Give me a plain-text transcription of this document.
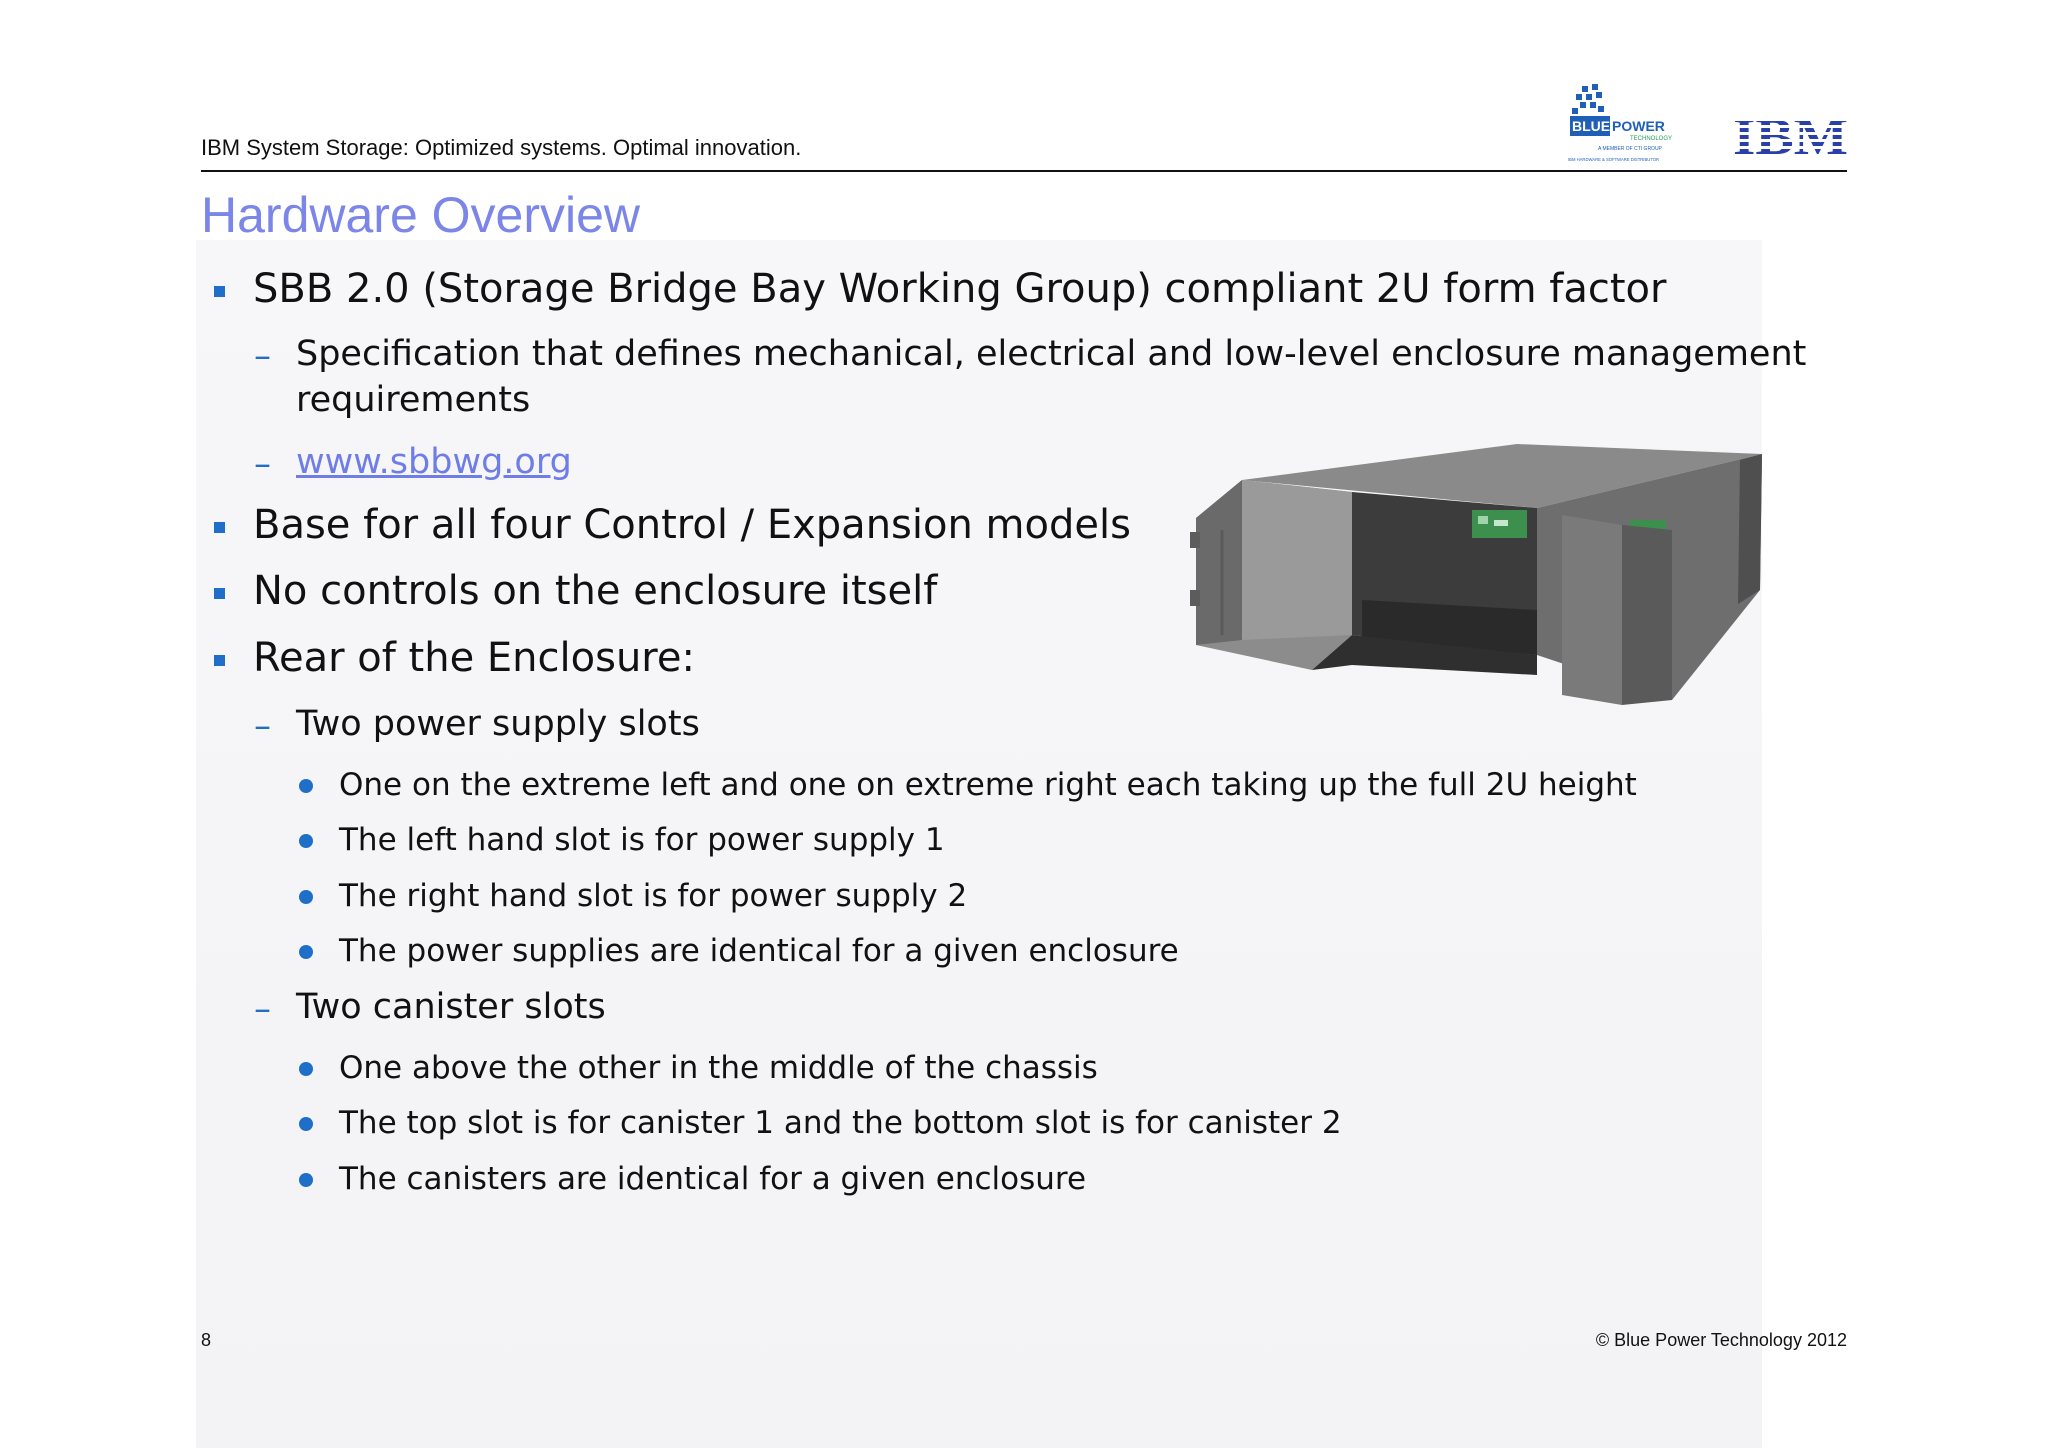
IBM System Storage: Optimized systems. Optimal innovation.
BLUE POWER
TECHNOLOGY
A MEMBER OF CTI GROUP
IBM HARDWARE & SOFTWARE DISTRIBUTOR
Hardware Overview
SBB 2.0 (Storage Bridge Bay Working Group) compliant 2U form factor
– Specification that defines mechanical, electrical and low-level enclosure management
requirements
– www.sbbwg.org
Base for all four Control / Expansion models
No controls on the enclosure itself
Rear of the Enclosure:
– Two power supply slots
One on the extreme left and one on extreme right each taking up the full 2U height
The left hand slot is for power supply 1
The right hand slot is for power supply 2
The power supplies are identical for a given enclosure
– Two canister slots
One above the other in the middle of the chassis
The top slot is for canister 1 and the bottom slot is for canister 2
The canisters are identical for a given enclosure
8	© Blue Power Technology 2012
